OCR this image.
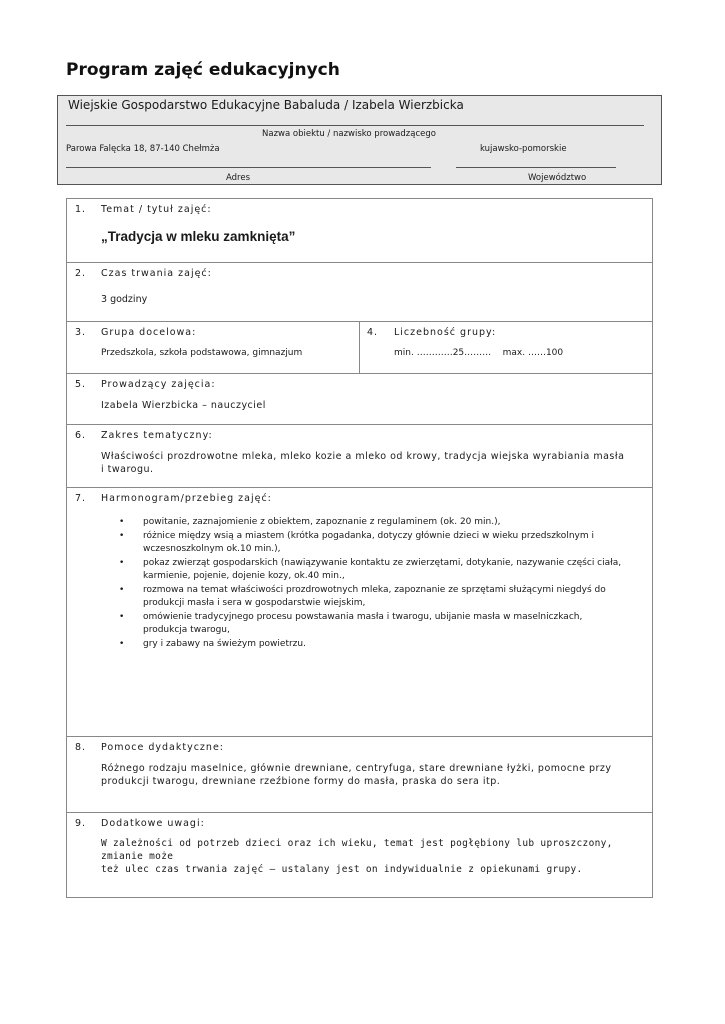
Program zajęć edukacyjnych
Wiejskie Gospodarstwo Edukacyjne Babaluda / Izabela Wierzbicka
Nazwa obiektu / nazwisko prowadzącego
Parowa Falęcka 18, 87-140 Chełmża	kujawsko-pomorskie
Adres	Województwo
1. Temat / tytuł zajęć:
„Tradycja w mleku zamknięta”
2. Czas trwania zajęć:
3 godziny
3. Grupa docelowa:
Przedszkola, szkoła podstawowa, gimnazjum
4. Liczebność grupy:
min. …………25……… max. ……100
5. Prowadzący zajęcia:
Izabela Wierzbicka – nauczyciel
6. Zakres tematyczny:
Właściwości prozdrowotne mleka, mleko kozie a mleko od krowy, tradycja wiejska wyrabiania masła
i twarogu.
7. Harmonogram/przebieg zajęć:
• powitanie, zaznajomienie z obiektem, zapoznanie z regulaminem (ok. 20 min.),
• różnice między wsią a miastem (krótka pogadanka, dotyczy głównie dzieci w wieku przedszkolnym i
wczesnoszkolnym ok.10 min.),
• pokaz zwierząt gospodarskich (nawiązywanie kontaktu ze zwierzętami, dotykanie, nazywanie części ciała,
karmienie, pojenie, dojenie kozy, ok.40 min.,
• rozmowa na temat właściwości prozdrowotnych mleka, zapoznanie ze sprzętami służącymi niegdyś do
produkcji masła i sera w gospodarstwie wiejskim,
• omówienie tradycyjnego procesu powstawania masła i twarogu, ubijanie masła w maselniczkach,
produkcja twarogu,
• gry i zabawy na świeżym powietrzu.
8. Pomoce dydaktyczne:
Różnego rodzaju maselnice, głównie drewniane, centryfuga, stare drewniane łyżki, pomocne przy
produkcji twarogu, drewniane rzeźbione formy do masła, praska do sera itp.
9. Dodatkowe uwagi:
W zależności od potrzeb dzieci oraz ich wieku, temat jest pogłębiony lub uproszczony, zmianie może
też ulec czas trwania zajęć – ustalany jest on indywidualnie z opiekunami grupy.
